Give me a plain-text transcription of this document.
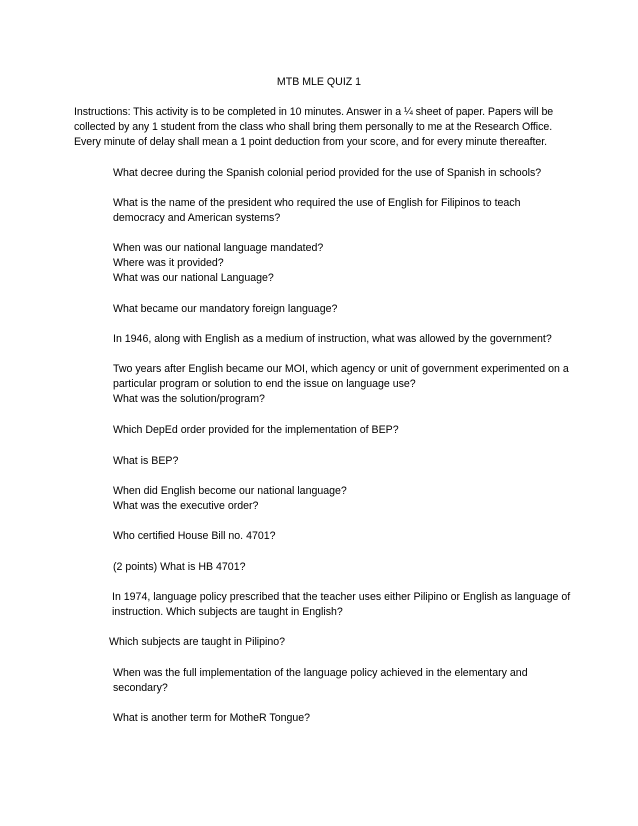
MTB MLE QUIZ 1

Instructions: This activity is to be completed in 10 minutes. Answer in a ¼ sheet of paper. Papers will be collected by any 1 student from the class who shall bring them personally to me at the Research Office. Every minute of delay shall mean a 1 point deduction from your score, and for every minute thereafter.

What decree during the Spanish colonial period provided for the use of Spanish in schools?

What is the name of the president who required the use of English for Filipinos to teach democracy and American systems?

When was our national language mandated?

Where was it provided?

What was our national Language?

What became our mandatory foreign language?

In 1946, along with English as a medium of instruction, what was allowed by the government?

Two years after English became our MOI, which agency or unit of government experimented on a particular program or solution to end the issue on language use?

What was the solution/program?

Which DepEd order provided for the implementation of BEP?

What is BEP?

When did English become our national language?

What was the executive order?

Who certified House Bill no. 4701?

(2 points) What is HB 4701?

In 1974, language policy prescribed that the teacher uses either Pilipino or English as language of instruction. Which subjects are taught in English?

Which subjects are taught in Pilipino?

When was the full implementation of the language policy achieved in the elementary and secondary?

What is another term for MotheR Tongue?
